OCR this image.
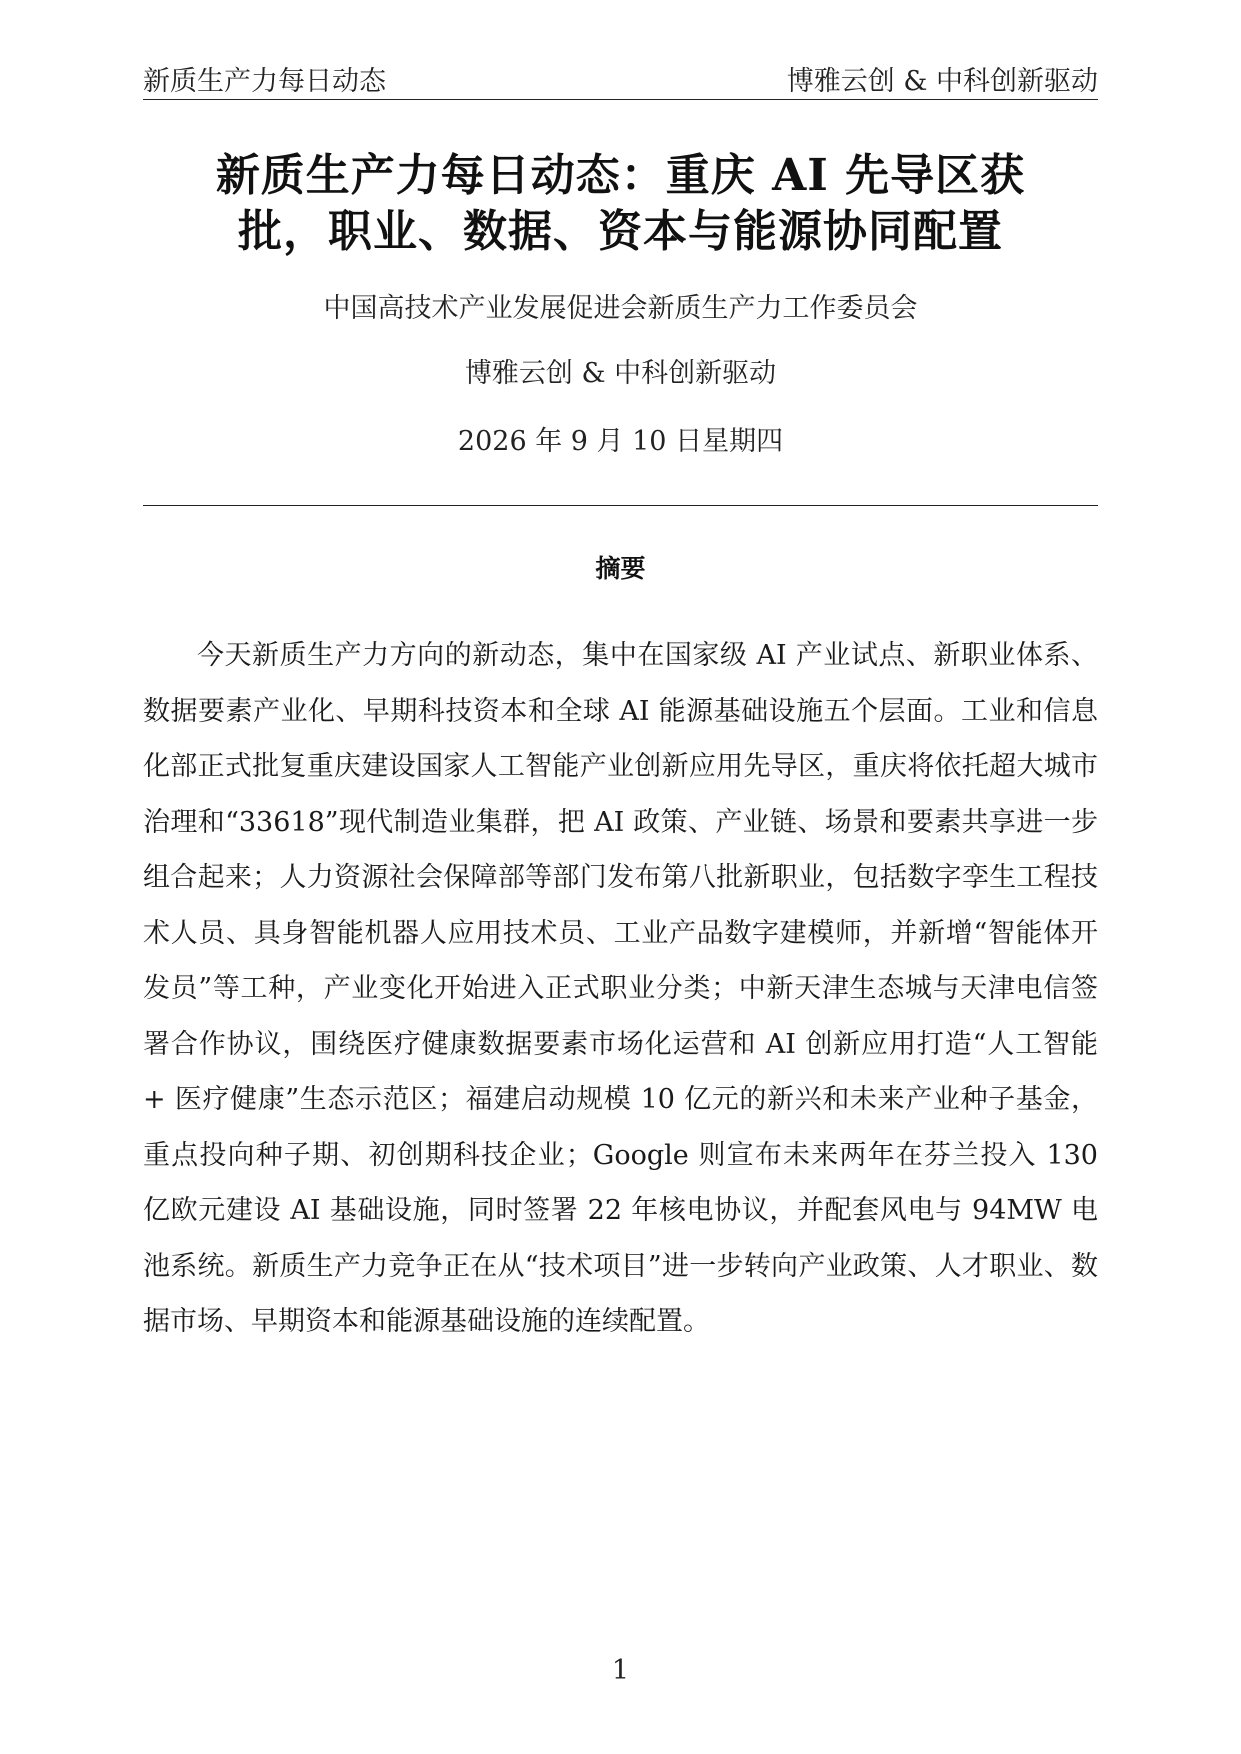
新质生产力每日动态	博雅云创 & 中科创新驱动
新质生产力每日动态：重庆 AI 先导区获
批，职业、数据、资本与能源协同配置
中国高技术产业发展促进会新质生产力工作委员会
博雅云创 & 中科创新驱动
2026 年 9 月 10 日星期四
摘要

今天新质生产力方向的新动态，集中在国家级 AI 产业试点、新职业体系、数据要素产业化、早期科技资本和全球 AI 能源基础设施五个层面。工业和信息化部正式批复重庆建设国家人工智能产业创新应用先导区，重庆将依托超大城市治理和“33618”现代制造业集群，把 AI 政策、产业链、场景和要素共享进一步组合起来；人力资源社会保障部等部门发布第八批新职业，包括数字孪生工程技术人员、具身智能机器人应用技术员、工业产品数字建模师，并新增“智能体开发员”等工种，产业变化开始进入正式职业分类；中新天津生态城与天津电信签署合作协议，围绕医疗健康数据要素市场化运营和 AI 创新应用打造“人工智能 + 医疗健康”生态示范区；福建启动规模 10 亿元的新兴和未来产业种子基金，重点投向种子期、初创期科技企业；Google 则宣布未来两年在芬兰投入 130 亿欧元建设 AI 基础设施，同时签署 22 年核电协议，并配套风电与 94MW 电池系统。新质生产力竞争正在从“技术项目”进一步转向产业政策、人才职业、数据市场、早期资本和能源基础设施的连续配置。

1
